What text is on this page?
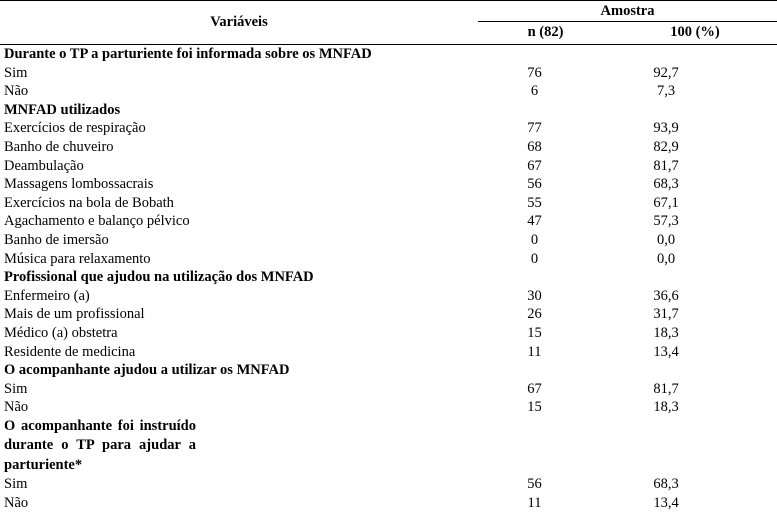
Variáveis	Amostra	
	n (82)	100 (%)
Durante o TP a parturiente foi informada sobre os MNFAD		
Sim	76	92,7
Não	6	7,3
MNFAD utilizados		
Exercícios de respiração	77	93,9
Banho de chuveiro	68	82,9
Deambulação	67	81,7
Massagens lombossacrais	56	68,3
Exercícios na bola de Bobath	55	67,1
Agachamento e balanço pélvico	47	57,3
Banho de imersão	0	0,0
Música para relaxamento	0	0,0
Profissional que ajudou na utilização dos MNFAD		
Enfermeiro (a)	30	36,6
Mais de um profissional	26	31,7
Médico (a) obstetra	15	18,3
Residente de medicina	11	13,4
O acompanhante ajudou a utilizar os MNFAD		
Sim	67	81,7
Não	15	18,3
O acompanhante foi instruído durante o TP para ajudar a parturiente*		
Sim	56	68,3
Não	11	13,4
